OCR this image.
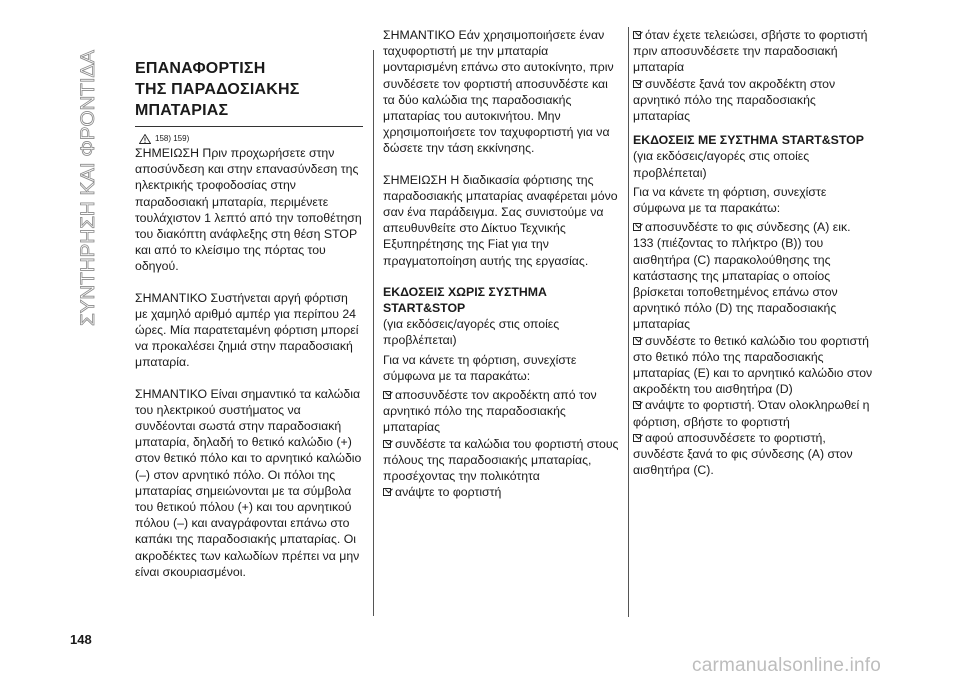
ΣΥΝΤΗΡΗΣΗ ΚΑΙ ΦΡΟΝΤΙΔΑ
ΕΠΑΝΑΦΟΡΤΙΣΗ
ΤΗΣ ΠΑΡΑΔΟΣΙΑΚΗΣ
ΜΠΑΤΑΡΙΑΣ
158) 159)

ΣΗΜΕΙΩΣΗ Πριν προχωρήσετε στην αποσύνδεση και στην επανασύνδεση της ηλεκτρικής τροφοδοσίας στην παραδοσιακή μπαταρία, περιμένετε τουλάχιστον 1 λεπτό από την τοποθέτηση του διακόπτη ανάφλεξης στη θέση STOP και από το κλείσιμο της πόρτας του οδηγού.

ΣΗΜΑΝΤΙΚΟ Συστήνεται αργή φόρτιση με χαμηλό αριθμό αμπέρ για περίπου 24 ώρες. Μία παρατεταμένη φόρτιση μπορεί να προκαλέσει ζημιά στην παραδοσιακή μπαταρία.

ΣΗΜΑΝΤΙΚΟ Είναι σημαντικό τα καλώδια του ηλεκτρικού συστήματος να συνδέονται σωστά στην παραδοσιακή μπαταρία, δηλαδή το θετικό καλώδιο (+) στον θετικό πόλο και το αρνητικό καλώδιο (–) στον αρνητικό πόλο. Οι πόλοι της μπαταρίας σημειώνονται με τα σύμβολα του θετικού πόλου (+) και του αρνητικού πόλου (–) και αναγράφονται επάνω στο καπάκι της παραδοσιακής μπαταρίας. Οι ακροδέκτες των καλωδίων πρέπει να μην είναι σκουριασμένοι.

ΣΗΜΑΝΤΙΚΟ Εάν χρησιμοποιήσετε έναν ταχυφορτιστή με την μπαταρία μονταρισμένη επάνω στο αυτοκίνητο, πριν συνδέσετε τον φορτιστή αποσυνδέστε και τα δύο καλώδια της παραδοσιακής μπαταρίας του αυτοκινήτου. Μην χρησιμοποιήσετε τον ταχυφορτιστή για να δώσετε την τάση εκκίνησης.

ΣΗΜΕΙΩΣΗ Η διαδικασία φόρτισης της παραδοσιακής μπαταρίας αναφέρεται μόνο σαν ένα παράδειγμα. Σας συνιστούμε να απευθυνθείτε στο Δίκτυο Τεχνικής Εξυπηρέτησης της Fiat για την πραγματοποίηση αυτής της εργασίας.

ΕΚΔΟΣΕΙΣ ΧΩΡΙΣ ΣΥΣΤΗΜΑ START&STOP
(για εκδόσεις/αγορές στις οποίες προβλέπεται)
Για να κάνετε τη φόρτιση, συνεχίστε σύμφωνα με τα παρακάτω:
αποσυνδέστε τον ακροδέκτη από τον αρνητικό πόλο της παραδοσιακής μπαταρίας
συνδέστε τα καλώδια του φορτιστή στους πόλους της παραδοσιακής μπαταρίας, προσέχοντας την πολικότητα
ανάψτε το φορτιστή
όταν έχετε τελειώσει, σβήστε το φορτιστή πριν αποσυνδέσετε την παραδοσιακή μπαταρία
συνδέστε ξανά τον ακροδέκτη στον αρνητικό πόλο της παραδοσιακής μπαταρίας
ΕΚΔΟΣΕΙΣ ΜΕ ΣΥΣΤΗΜΑ START&STOP
(για εκδόσεις/αγορές στις οποίες προβλέπεται)
Για να κάνετε τη φόρτιση, συνεχίστε σύμφωνα με τα παρακάτω:
αποσυνδέστε το φις σύνδεσης (A) εικ. 133 (πιέζοντας το πλήκτρο (B)) του αισθητήρα (C) παρακολούθησης της κατάστασης της μπαταρίας ο οποίος βρίσκεται τοποθετημένος επάνω στον αρνητικό πόλο (D) της παραδοσιακής μπαταρίας
συνδέστε το θετικό καλώδιο του φορτιστή στο θετικό πόλο της παραδοσιακής μπαταρίας (E) και το αρνητικό καλώδιο στον ακροδέκτη του αισθητήρα (D)
ανάψτε το φορτιστή. Όταν ολοκληρωθεί η φόρτιση, σβήστε το φορτιστή
αφού αποσυνδέσετε το φορτιστή, συνδέστε ξανά το φις σύνδεσης (A) στον αισθητήρα (C).
148
carmanualsonline.info
